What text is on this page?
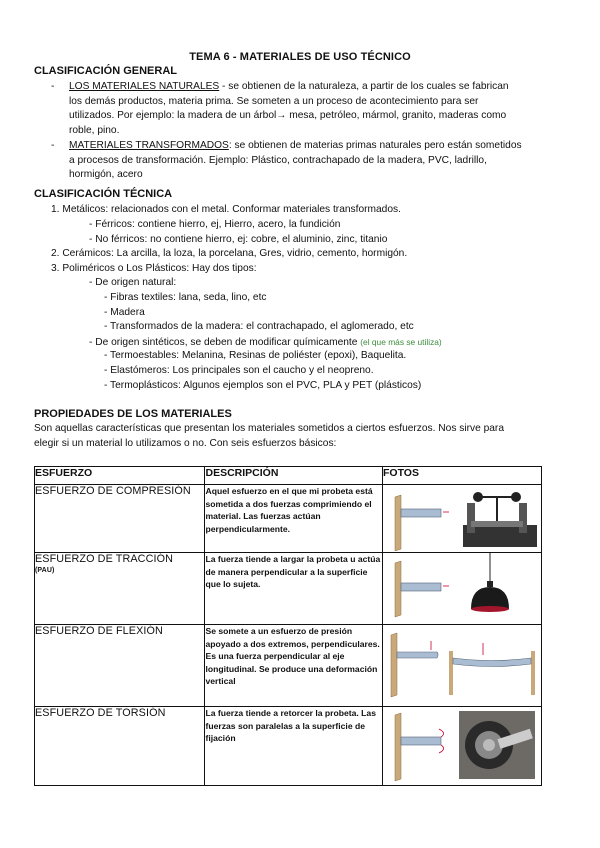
TEMA 6 - MATERIALES DE USO TÉCNICO
CLASIFICACIÓN GENERAL
- LOS MATERIALES NATURALES - se obtienen de la naturaleza, a partir de los cuales se fabrican
los demás productos, materia prima. Se someten a un proceso de acontecimiento para ser
utilizados. Por ejemplo: la madera de un árbol→ mesa, petróleo, mármol, granito, maderas como
roble, pino.
- MATERIALES TRANSFORMADOS: se obtienen de materias primas naturales pero están sometidos
a procesos de transformación. Ejemplo: Plástico, contrachapado de la madera, PVC, ladrillo,
hormigón, acero
CLASIFICACIÓN TÉCNICA
1. Metálicos: relacionados con el metal. Conformar materiales transformados.
- Férricos: contiene hierro, ej, Hierro, acero, la fundición
- No férricos: no contiene hierro, ej: cobre, el aluminio, zinc, titanio
2. Cerámicos: La arcilla, la loza, la porcelana, Gres, vidrio, cemento, hormigón.
3. Poliméricos o Los Plásticos: Hay dos tipos:
- De origen natural:
- Fibras textiles: lana, seda, lino, etc
- Madera
- Transformados de la madera: el contrachapado, el aglomerado, etc
- De origen sintéticos, se deben de modificar químicamente (el que más se utiliza)
- Termoestables: Melanina, Resinas de poliéster (epoxi), Baquelita.
- Elastómeros: Los principales son el caucho y el neopreno.
- Termoplásticos: Algunos ejemplos son el PVC, PLA y PET (plásticos)
PROPIEDADES DE LOS MATERIALES
Son aquellas características que presentan los materiales sometidos a ciertos esfuerzos. Nos sirve para
elegir si un material lo utilizamos o no. Con seis esfuerzos básicos:
ESFUERZO	DESCRIPCIÓN	FOTOS

ESFUERZO DE COMPRESIÓN	Aquel esfuerzo en el que mi probeta está sometida a dos fuerzas comprimiendo el material. Las fuerzas actúan perpendicularmente.	

ESFUERZO DE TRACCIÓN
(PAU)	La fuerza tiende a largar la probeta u actúa de manera perpendicular a la superficie que lo sujeta.	

ESFUERZO DE FLEXIÓN	Se somete a un esfuerzo de presión apoyado a dos extremos, perpendiculares. Es una fuerza perpendicular al eje longitudinal. Se produce una deformación vertical	

ESFUERZO DE TORSIÓN	La fuerza tiende a retorcer la probeta. Las fuerzas son paralelas a la superficie de fijación	
